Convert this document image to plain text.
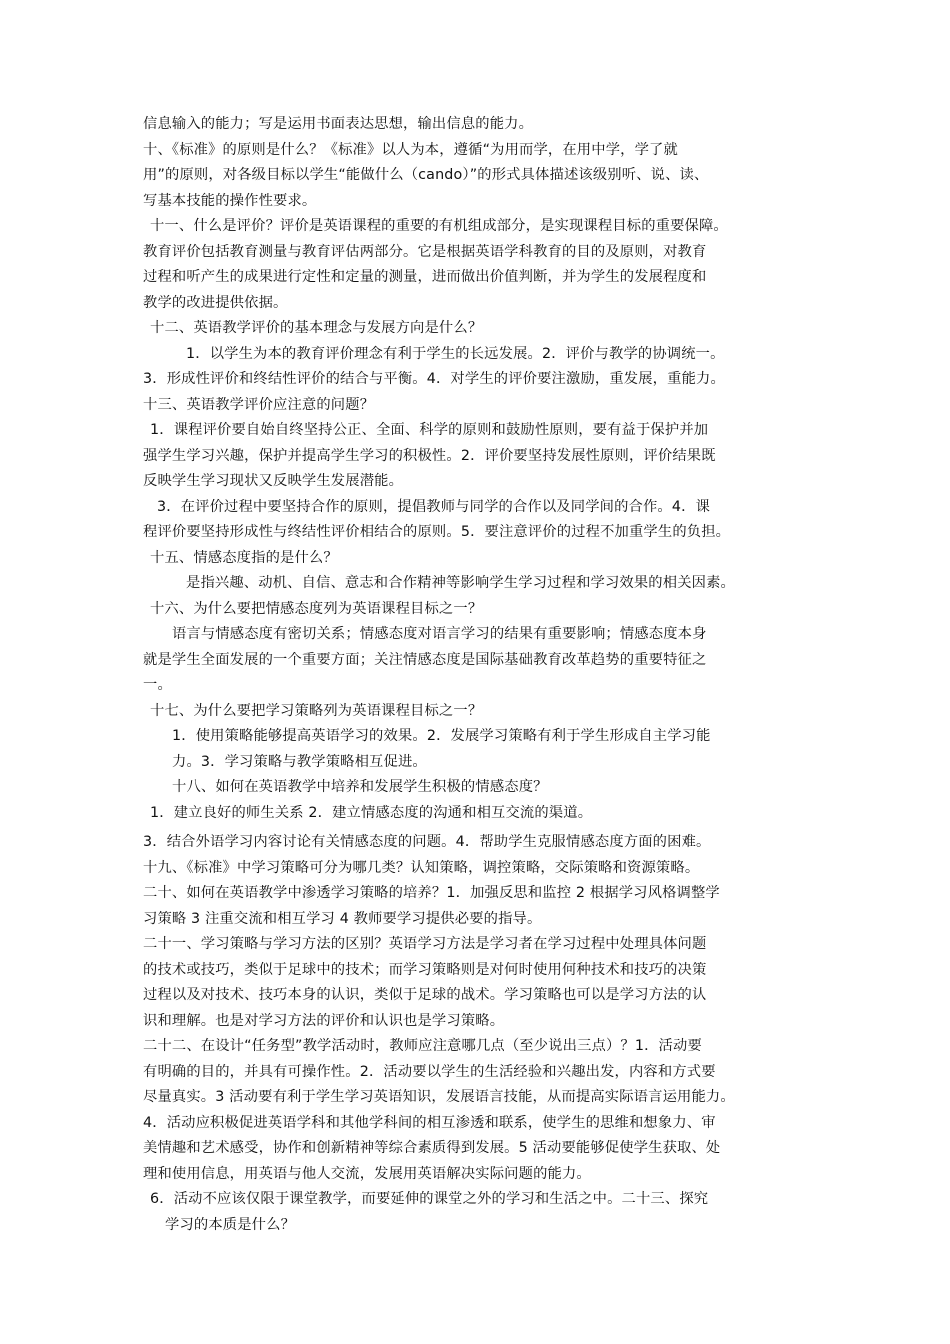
信息输入的能力；写是运用书面表达思想，输出信息的能力。
十、《标准》的原则是什么？《标准》以人为本，遵循“为用而学，在用中学，学了就
用”的原则，对各级目标以学生“能做什么（cando）”的形式具体描述该级别听、说、读、
写基本技能的操作性要求。
十一、什么是评价？评价是英语课程的重要的有机组成部分，是实现课程目标的重要保障。
教育评价包括教育测量与教育评估两部分。它是根据英语学科教育的目的及原则，对教育
过程和听产生的成果进行定性和定量的测量，进而做出价值判断，并为学生的发展程度和
教学的改进提供依据。
十二、英语教学评价的基本理念与发展方向是什么？
1．以学生为本的教育评价理念有利于学生的长远发展。2．评价与教学的协调统一。
3．形成性评价和终结性评价的结合与平衡。4．对学生的评价要注激励，重发展，重能力。
十三、英语教学评价应注意的问题？
1．课程评价要自始自终坚持公正、全面、科学的原则和鼓励性原则，要有益于保护并加
强学生学习兴趣，保护并提高学生学习的积极性。2．评价要坚持发展性原则，评价结果既
反映学生学习现状又反映学生发展潜能。
3．在评价过程中要坚持合作的原则，提倡教师与同学的合作以及同学间的合作。4．课
程评价要坚持形成性与终结性评价相结合的原则。5．要注意评价的过程不加重学生的负担。
十五、情感态度指的是什么？
是指兴趣、动机、自信、意志和合作精神等影响学生学习过程和学习效果的相关因素。
十六、为什么要把情感态度列为英语课程目标之一？
语言与情感态度有密切关系；情感态度对语言学习的结果有重要影响；情感态度本身
就是学生全面发展的一个重要方面；关注情感态度是国际基础教育改革趋势的重要特征之
一。
十七、为什么要把学习策略列为英语课程目标之一？
1．使用策略能够提高英语学习的效果。2．发展学习策略有利于学生形成自主学习能
力。3．学习策略与教学策略相互促进。
十八、如何在英语教学中培养和发展学生积极的情感态度？
1．建立良好的师生关系 2．建立情感态度的沟通和相互交流的渠道。
3．结合外语学习内容讨论有关情感态度的问题。4．帮助学生克服情感态度方面的困难。
十九、《标准》中学习策略可分为哪几类？认知策略，调控策略，交际策略和资源策略。
二十、如何在英语教学中渗透学习策略的培养？1．加强反思和监控 2 根据学习风格调整学
习策略 3 注重交流和相互学习 4 教师要学习提供必要的指导。
二十一、学习策略与学习方法的区别？英语学习方法是学习者在学习过程中处理具体问题
的技术或技巧，类似于足球中的技术；而学习策略则是对何时使用何种技术和技巧的决策
过程以及对技术、技巧本身的认识，类似于足球的战术。学习策略也可以是学习方法的认
识和理解。也是对学习方法的评价和认识也是学习策略。
二十二、在设计“任务型”教学活动时，教师应注意哪几点（至少说出三点）？1．活动要
有明确的目的，并具有可操作性。2．活动要以学生的生活经验和兴趣出发，内容和方式要
尽量真实。3 活动要有利于学生学习英语知识，发展语言技能，从而提高实际语言运用能力。
4．活动应积极促进英语学科和其他学科间的相互渗透和联系，使学生的思维和想象力、审
美情趣和艺术感受，协作和创新精神等综合素质得到发展。5 活动要能够促使学生获取、处
理和使用信息，用英语与他人交流，发展用英语解决实际问题的能力。
6．活动不应该仅限于课堂教学，而要延伸的课堂之外的学习和生活之中。二十三、探究
学习的本质是什么？
